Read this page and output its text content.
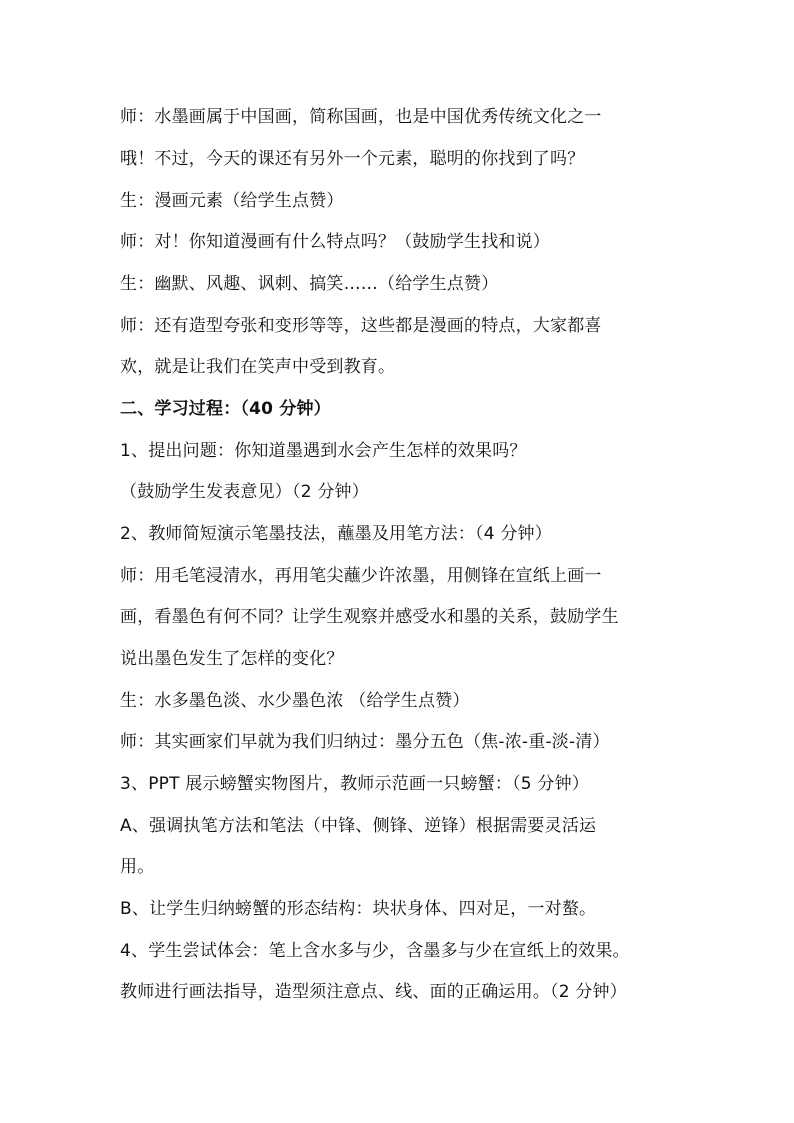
师：水墨画属于中国画，简称国画，也是中国优秀传统文化之一
哦！不过，今天的课还有另外一个元素，聪明的你找到了吗？
生：漫画元素（给学生点赞）
师：对！你知道漫画有什么特点吗？（鼓励学生找和说）
生：幽默、风趣、讽刺、搞笑……（给学生点赞）
师：还有造型夸张和变形等等，这些都是漫画的特点，大家都喜
欢，就是让我们在笑声中受到教育。
二、学习过程：（40 分钟）
1、提出问题：你知道墨遇到水会产生怎样的效果吗？
（鼓励学生发表意见）（2 分钟）
2、教师简短演示笔墨技法，蘸墨及用笔方法：（4 分钟）
师：用毛笔浸清水，再用笔尖蘸少许浓墨，用侧锋在宣纸上画一
画，看墨色有何不同？让学生观察并感受水和墨的关系，鼓励学生
说出墨色发生了怎样的变化？
生：水多墨色淡、水少墨色浓 （给学生点赞）
师：其实画家们早就为我们归纳过：墨分五色（焦-浓-重-淡-清）
3、PPT 展示螃蟹实物图片，教师示范画一只螃蟹：（5 分钟）
A、强调执笔方法和笔法（中锋、侧锋、逆锋）根据需要灵活运
用。
B、让学生归纳螃蟹的形态结构：块状身体、四对足，一对螯。
4、学生尝试体会：笔上含水多与少，含墨多与少在宣纸上的效果。
教师进行画法指导，造型须注意点、线、面的正确运用。（2 分钟）
